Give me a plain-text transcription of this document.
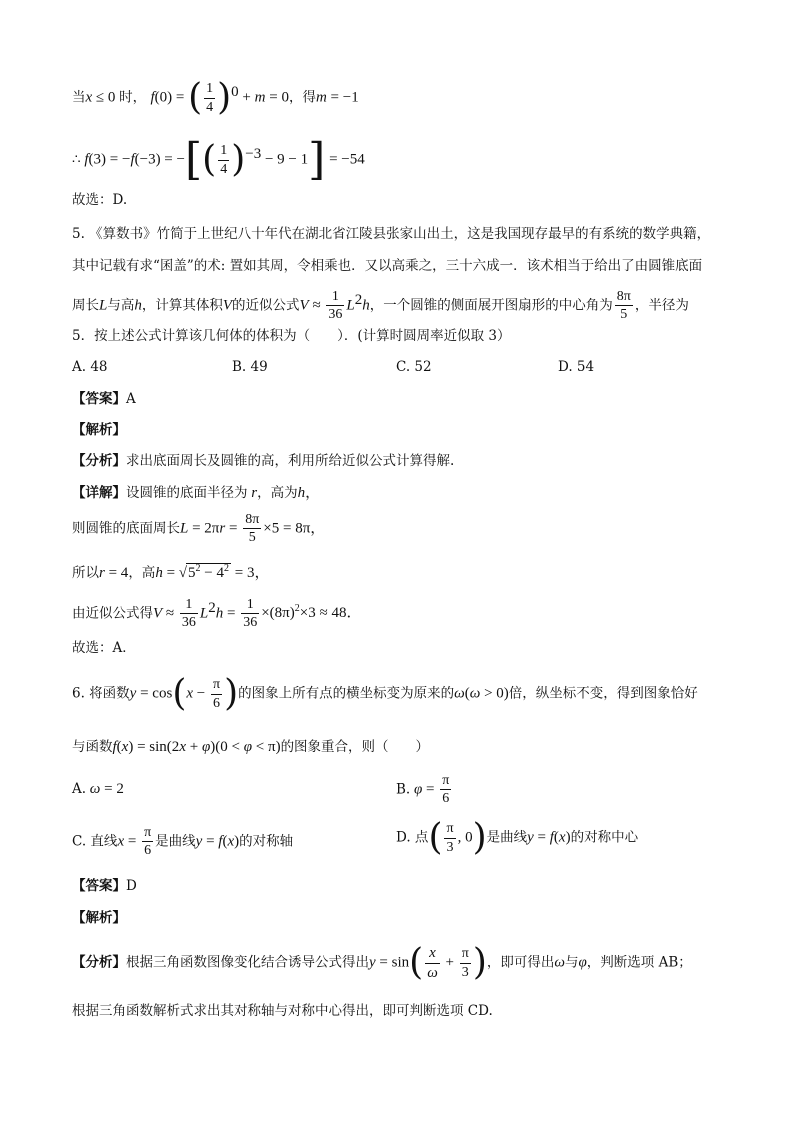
当x ≤ 0 时， f(0) = ( $\frac{1}{4} )^0 + m = 0$，得m = −1
∴ f(3) = −f(−3) = −[( $\frac{1}{4} )^{-3} - 9 - 1] = -54$
故选：D.
5. 《算数书》竹简于上世纪八十年代在湖北省江陵县张家山出土，这是我国现存最早的有系统的数学典籍，
其中记载有求“囷盖”的术: 置如其周，令相乘也．又以高乘之，三十六成一．该术相当于给出了由圆锥底面
周长L与高h，计算其体积V的近似公式$V \approx \frac{1}{36} L^2h$，一个圆锥的侧面展开图扇形的中心角为 $\frac{8\pi}{5}$ ，半径为
5．按上述公式计算该几何体的体积为（　　）．(计算时圆周率近似取 3）
A. 48	B. 49	C. 52	D. 54
【答案】A
【解析】
【分析】求出底面周长及圆锥的高，利用所给近似公式计算得解.
【详解】设圆锥的底面半径为 r，高为h，
则圆锥的底面周长$L = 2\pi r = \frac{8\pi}{5} \times 5 = 8\pi$，
所以r = 4，高$h = √5^2 - 4^2 = 3$，
由近似公式得$V \approx \frac{1}{36} L^2h = \frac{1}{36} \times(8\pi)^2\times 3 \approx 48$．
故选：A．
6. 将函数$y = \cos(x - \frac{\pi}{6}$ )的图象上所有点的横坐标变为原来的ω(ω > 0)倍，纵坐标不变，得到图象恰好
与函数f(x) = sin(2x + φ)(0 < φ < π)的图象重合，则（　　）
A. ω = 2	B. $\varphi = \frac{\pi}{6}$
C. 直线$x = \frac{\pi}{6}$ 是曲线y = f(x)的对称轴	D. 点( $\frac{\pi}{3}$ , 0)是曲线y = f(x)的对称中心
【答案】D
【解析】
【分析】根据三角函数图像变化结合诱导公式得出$y = \sin( \frac{x}{\omega} + \frac{\pi}{3}$ )，即可得出ω与φ，判断选项 AB；
根据三角函数解析式求出其对称轴与对称中心得出，即可判断选项 CD.
